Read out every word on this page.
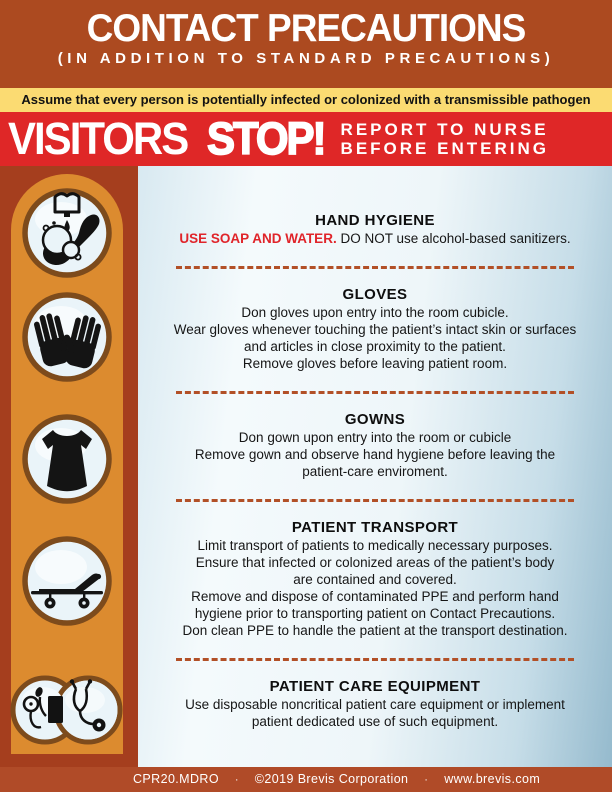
CONTACT PRECAUTIONS
(IN ADDITION TO STANDARD PRECAUTIONS)
Assume that every person is potentially infected or colonized with a transmissible pathogen
VISITORS STOP! REPORT TO NURSE
BEFORE ENTERING
HAND HYGIENE
USE SOAP AND WATER. DO NOT use alcohol-based sanitizers.
GLOVES
Don gloves upon entry into the room cubicle.
Wear gloves whenever touching the patient’s intact skin or surfaces
and articles in close proximity to the patient.
Remove gloves before leaving patient room.
GOWNS
Don gown upon entry into the room or cubicle
Remove gown and observe hand hygiene before leaving the
patient-care enviroment.
PATIENT TRANSPORT
Limit transport of patients to medically necessary purposes.
Ensure that infected or colonized areas of the patient’s body
are contained and covered.
Remove and dispose of contaminated PPE and perform hand
hygiene prior to transporting patient on Contact Precautions.
Don clean PPE to handle the patient at the transport destination.
PATIENT CARE EQUIPMENT
Use disposable noncritical patient care equipment or implement
patient dedicated use of such equipment.
CPR20.MDRO · ©2019 Brevis Corporation · www.brevis.com
